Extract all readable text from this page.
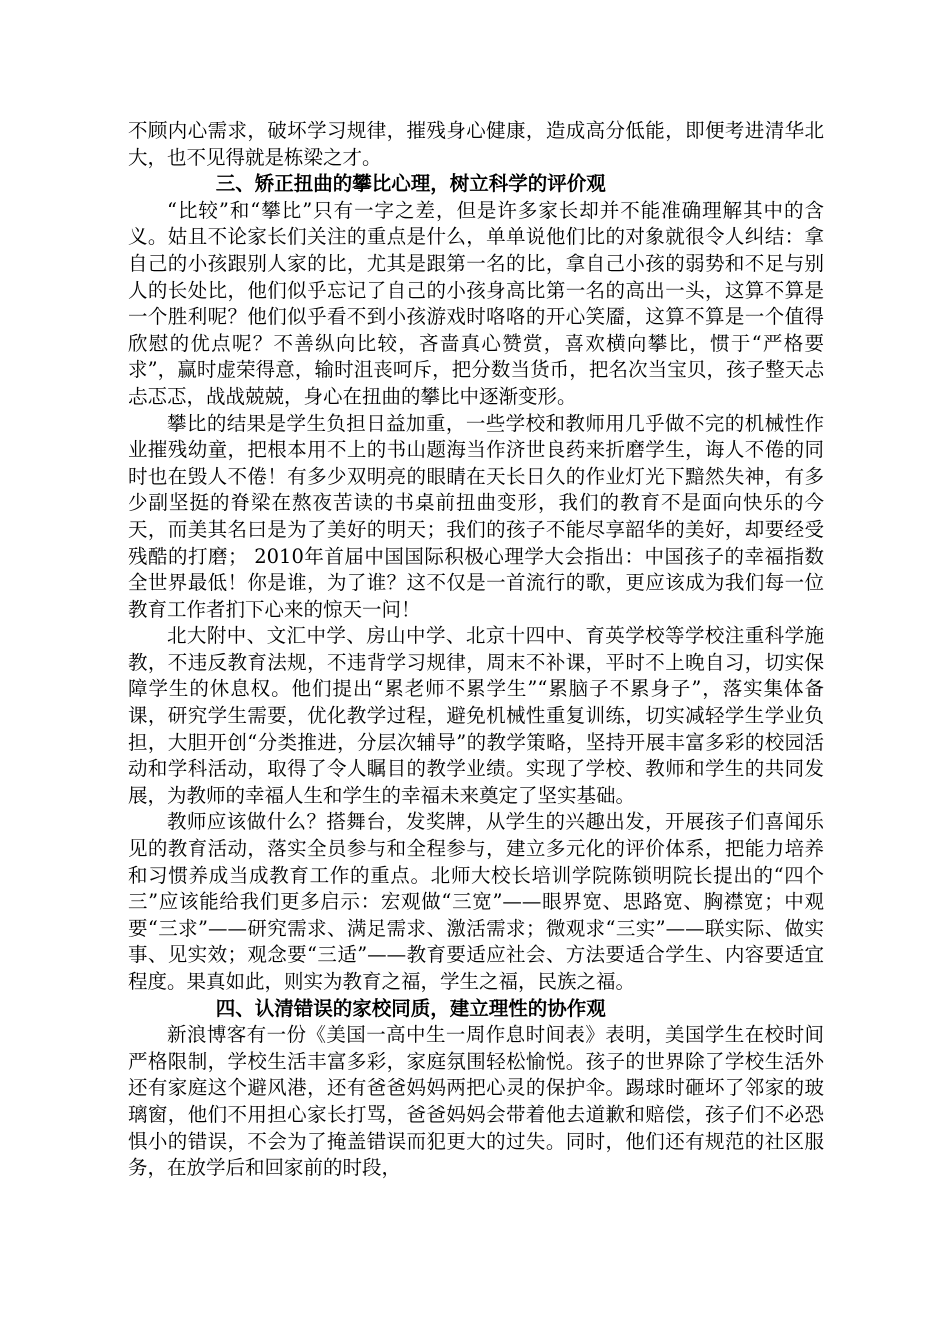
不顾内心需求，破坏学习规律，摧残身心健康，造成高分低能，即便考进清华北大，也不见得就是栋梁之才。

三、矫正扭曲的攀比心理，树立科学的评价观

“比较”和“攀比”只有一字之差，但是许多家长却并不能准确理解其中的含义。姑且不论家长们关注的重点是什么，单单说他们比的对象就很令人纠结：拿自己的小孩跟别人家的比，尤其是跟第一名的比，拿自己小孩的弱势和不足与别人的长处比，他们似乎忘记了自己的小孩身高比第一名的高出一头，这算不算是一个胜利呢？他们似乎看不到小孩游戏时咯咯的开心笑靥，这算不算是一个值得欣慰的优点呢？不善纵向比较，吝啬真心赞赏，喜欢横向攀比，惯于“严格要求”，赢时虚荣得意，输时沮丧呵斥，把分数当货币，把名次当宝贝，孩子整天忐忐忑忑，战战兢兢，身心在扭曲的攀比中逐渐变形。

攀比的结果是学生负担日益加重，一些学校和教师用几乎做不完的机械性作业摧残幼童，把根本用不上的书山题海当作济世良药来折磨学生，诲人不倦的同时也在毁人不倦！有多少双明亮的眼睛在天长日久的作业灯光下黯然失神，有多少副坚挺的脊梁在熬夜苦读的书桌前扭曲变形，我们的教育不是面向快乐的今天，而美其名曰是为了美好的明天；我们的孩子不能尽享韶华的美好，却要经受残酷的打磨； 2010年首届中国国际积极心理学大会指出：中国孩子的幸福指数全世界最低！你是谁，为了谁？这不仅是一首流行的歌，更应该成为我们每一位教育工作者扪下心来的惊天一问！

北大附中、文汇中学、房山中学、北京十四中、育英学校等学校注重科学施教，不违反教育法规，不违背学习规律，周末不补课，平时不上晚自习，切实保障学生的休息权。他们提出“累老师不累学生”“累脑子不累身子”，落实集体备课，研究学生需要，优化教学过程，避免机械性重复训练，切实减轻学生学业负担，大胆开创“分类推进，分层次辅导”的教学策略，坚持开展丰富多彩的校园活动和学科活动，取得了令人瞩目的教学业绩。实现了学校、教师和学生的共同发展，为教师的幸福人生和学生的幸福未来奠定了坚实基础。

教师应该做什么？搭舞台，发奖牌，从学生的兴趣出发，开展孩子们喜闻乐见的教育活动，落实全员参与和全程参与，建立多元化的评价体系，把能力培养和习惯养成当成教育工作的重点。北师大校长培训学院陈锁明院长提出的“四个三”应该能给我们更多启示：宏观做“三宽”——眼界宽、思路宽、胸襟宽；中观要“三求”——研究需求、满足需求、激活需求；微观求“三实”——联实际、做实事、见实效；观念要“三适”——教育要适应社会、方法要适合学生、内容要适宜程度。果真如此，则实为教育之福，学生之福，民族之福。

四、认清错误的家校同质，建立理性的协作观

新浪博客有一份《美国一高中生一周作息时间表》表明，美国学生在校时间严格限制，学校生活丰富多彩，家庭氛围轻松愉悦。孩子的世界除了学校生活外还有家庭这个避风港，还有爸爸妈妈两把心灵的保护伞。踢球时砸坏了邻家的玻璃窗，他们不用担心家长打骂，爸爸妈妈会带着他去道歉和赔偿，孩子们不必恐惧小的错误，不会为了掩盖错误而犯更大的过失。同时，他们还有规范的社区服务，在放学后和回家前的时段，
